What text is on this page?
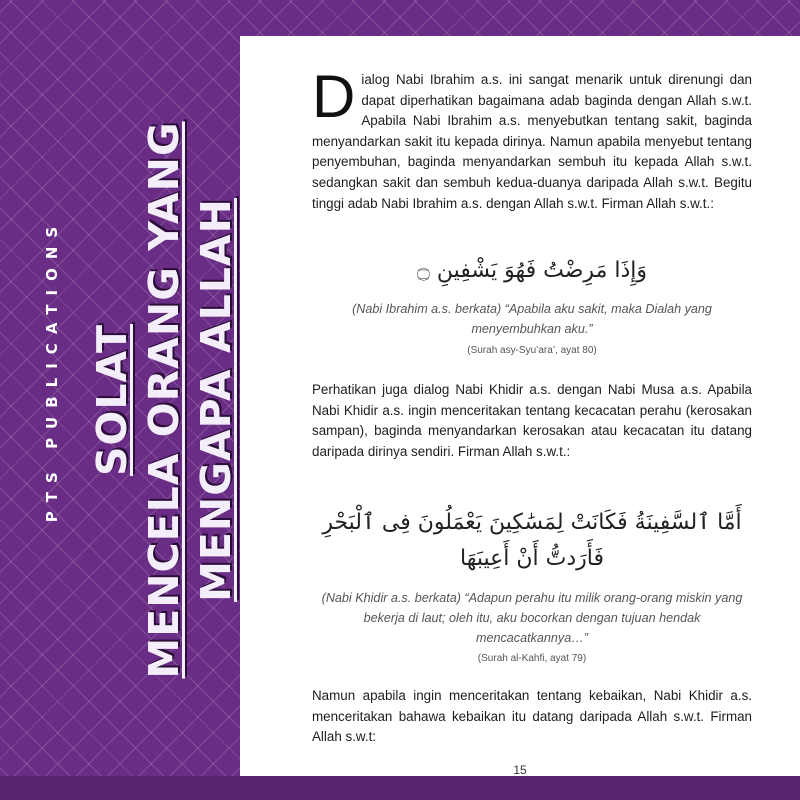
PTS PUBLICATIONS	MENGAPA ALLAH
MENCELA ORANG YANG
SOLAT

Dialog Nabi Ibrahim a.s. ini sangat menarik untuk direnungi dan dapat diperhatikan bagaimana adab baginda dengan Allah s.w.t. Apabila Nabi Ibrahim a.s. menyebutkan tentang sakit, baginda menyandarkan sakit itu kepada dirinya. Namun apabila menyebut tentang penyembuhan, baginda menyandarkan sembuh itu kepada Allah s.w.t. sedangkan sakit dan sembuh kedua-duanya daripada Allah s.w.t. Begitu tinggi adab Nabi Ibrahim a.s. dengan Allah s.w.t. Firman Allah s.w.t.:

وَإِذَا مَرِضْتُ فَهُوَ يَشْفِينِ ۝

(Nabi Ibrahim a.s. berkata) “Apabila aku sakit, maka Dialah yang menyembuhkan aku.”

(Surah asy-Syu’ara’, ayat 80)

Perhatikan juga dialog Nabi Khidir a.s. dengan Nabi Musa a.s. Apabila Nabi Khidir a.s. ingin menceritakan tentang kecacatan perahu (kerosakan sampan), baginda menyandarkan kerosakan atau kecacatan itu datang daripada dirinya sendiri. Firman Allah s.w.t.:

أَمَّا ٱلسَّفِينَةُ فَكَانَتْ لِمَسَٰكِينَ يَعْمَلُونَ فِى ٱلْبَحْرِ

فَأَرَدتُّ أَنْ أَعِيبَهَا

(Nabi Khidir a.s. berkata) “Adapun perahu itu milik orang-orang miskin yang bekerja di laut; oleh itu, aku bocorkan dengan tujuan hendak mencacatkannya…”

(Surah al-Kahfi, ayat 79)

Namun apabila ingin menceritakan tentang kebaikan, Nabi Khidir a.s. menceritakan bahawa kebaikan itu datang daripada Allah s.w.t. Firman Allah s.w.t:

15
